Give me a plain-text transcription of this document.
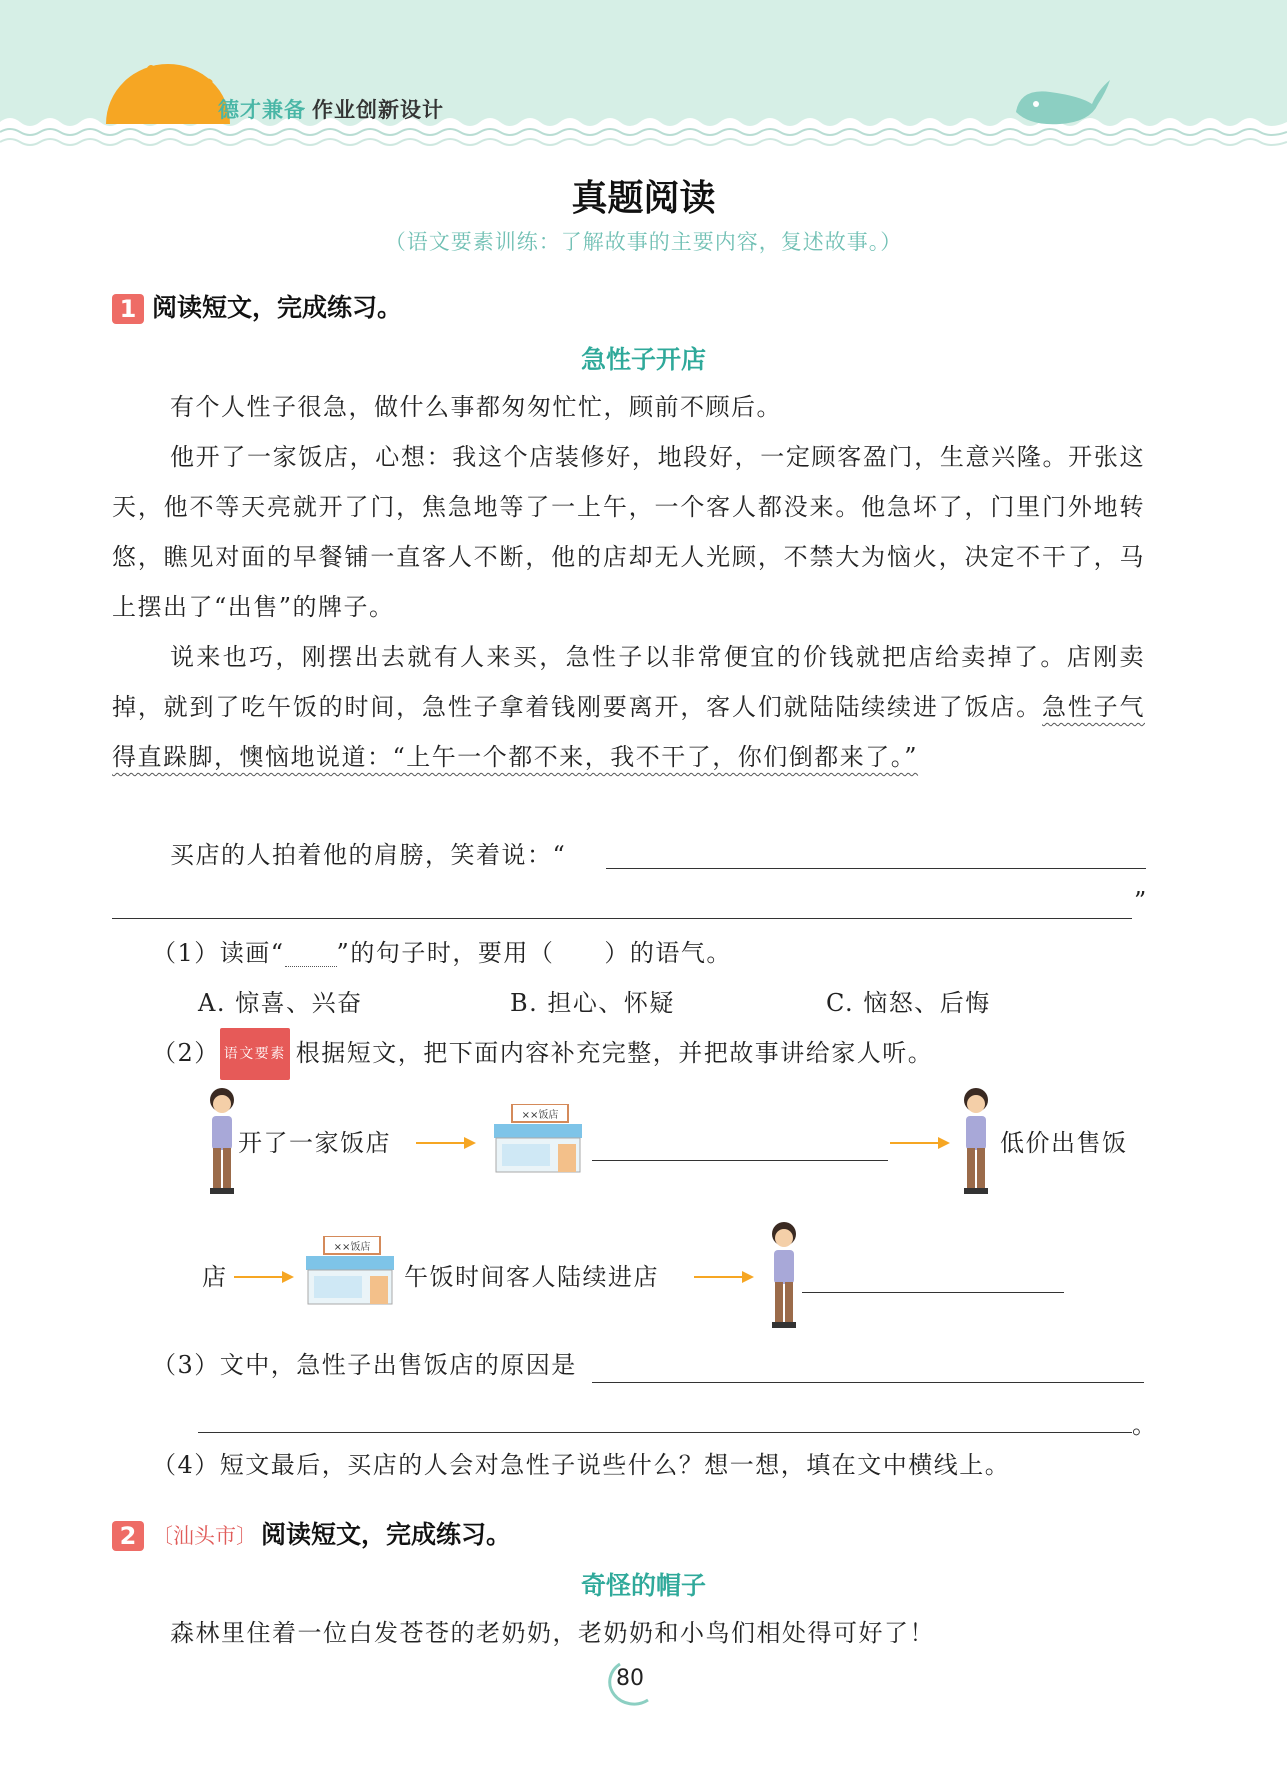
德才兼备 作业创新设计
真题阅读
（语文要素训练：了解故事的主要内容，复述故事。）
1 阅读短文，完成练习。
急性子开店
有个人性子很急，做什么事都匆匆忙忙，顾前不顾后。
他开了一家饭店，心想：我这个店装修好，地段好，一定顾客盈门，生意兴隆。开张这天，他不等天亮就开了门，焦急地等了一上午，一个客人都没来。他急坏了，门里门外地转悠，瞧见对面的早餐铺一直客人不断，他的店却无人光顾，不禁大为恼火，决定不干了，马上摆出了“出售”的牌子。
说来也巧，刚摆出去就有人来买，急性子以非常便宜的价钱就把店给卖掉了。店刚卖掉，就到了吃午饭的时间，急性子拿着钱刚要离开，客人们就陆陆续续进了饭店。急性子气得直跺脚，懊恼地说道：“上午一个都不来，我不干了，你们倒都来了。”
买店的人拍着他的肩膀，笑着说：“
”
（1）读画“ ”的句子时，要用（ ）的语气。
A. 惊喜、兴奋	B. 担心、怀疑	C. 恼怒、后悔
（2） 语文要素 根据短文，把下面内容补充完整，并把故事讲给家人听。
开了一家饭店
××饭店
低价出售饭
店
××饭店
午饭时间客人陆续进店
（3）文中，急性子出售饭店的原因是
。
（4）短文最后，买店的人会对急性子说些什么？想一想，填在文中横线上。
2 〔汕头市〕 阅读短文，完成练习。
奇怪的帽子
森林里住着一位白发苍苍的老奶奶，老奶奶和小鸟们相处得可好了！
80
